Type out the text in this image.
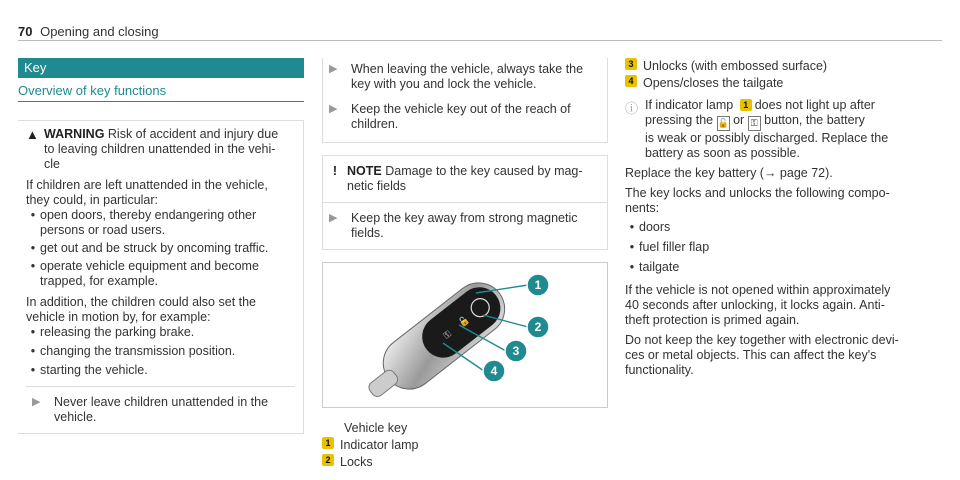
70 Opening and closing
Key
Overview of key functions
▲ WARNING Risk of accident and injury due

to leaving children unattended in the vehi-

cle

If children are left unattended in the vehicle,

they could, in particular:

• open doors, thereby endangering other

persons or road users.

• get out and be struck by oncoming traffic.

• operate vehicle equipment and become

trapped, for example.

In addition, the children could also set the

vehicle in motion by, for example:

• releasing the parking brake.
• changing the transmission position.
• starting the vehicle.
▶	Never leave children unattended in the

vehicle.

▶	When leaving the vehicle, always take the

key with you and lock the vehicle.

▶	Keep the vehicle key out of the reach of

children.

! NOTE Damage to the key caused by mag-

netic fields

▶	Keep the key away from strong magnetic

fields.

🔓
⚿
1
2
3
4
Vehicle key
1 Indicator lamp
2 Locks
3 Unlocks (with embossed surface)
4 Opens/closes the tailgate
ⓘ If indicator lamp 1 does not light up after

pressing the 🔓 or ⚿ button, the battery

is weak or possibly discharged. Replace the

battery as soon as possible.

Replace the key battery (→ page 72).

The key locks and unlocks the following compo-

nents:

• doors
• fuel filler flap
• tailgate

If the vehicle is not opened within approximately

40 seconds after unlocking, it locks again. Anti-

theft protection is primed again.

Do not keep the key together with electronic devi-

ces or metal objects. This can affect the key's

functionality.
